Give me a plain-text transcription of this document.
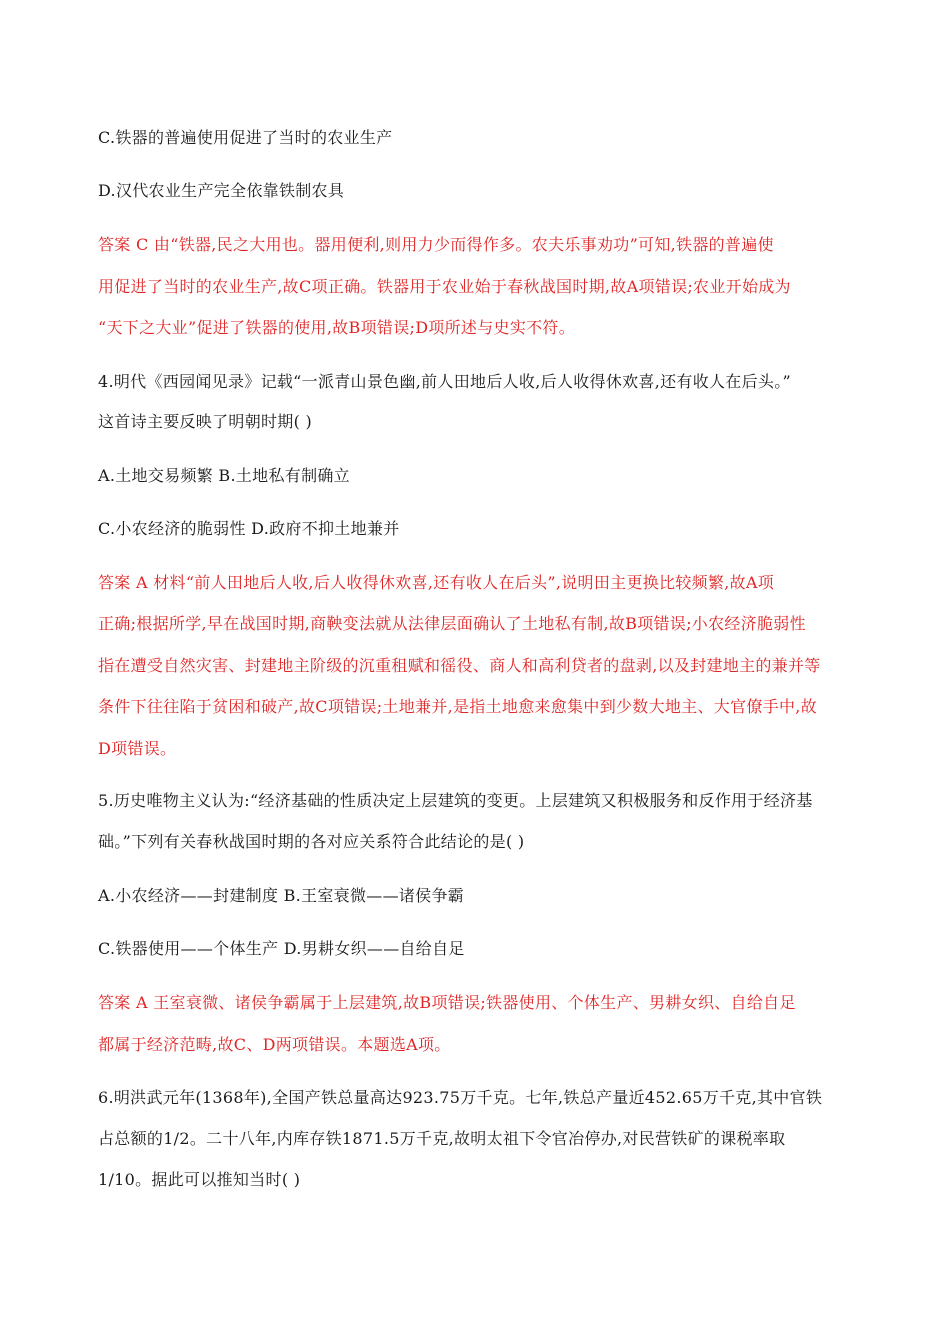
C.铁器的普遍使用促进了当时的农业生产
D.汉代农业生产完全依靠铁制农具
答案 C 由“铁器,民之大用也。器用便利,则用力少而得作多。农夫乐事劝功”可知,铁器的普遍使
用促进了当时的农业生产,故C项正确。铁器用于农业始于春秋战国时期,故A项错误;农业开始成为
“天下之大业”促进了铁器的使用,故B项错误;D项所述与史实不符。
4.明代《西园闻见录》记载“一派青山景色幽,前人田地后人收,后人收得休欢喜,还有收人在后头。”
这首诗主要反映了明朝时期( )
A.土地交易频繁 B.土地私有制确立
C.小农经济的脆弱性 D.政府不抑土地兼并
答案 A 材料“前人田地后人收,后人收得休欢喜,还有收人在后头”,说明田主更换比较频繁,故A项
正确;根据所学,早在战国时期,商鞅变法就从法律层面确认了土地私有制,故B项错误;小农经济脆弱性
指在遭受自然灾害、封建地主阶级的沉重租赋和徭役、商人和高利贷者的盘剥,以及封建地主的兼并等
条件下往往陷于贫困和破产,故C项错误;土地兼并,是指土地愈来愈集中到少数大地主、大官僚手中,故
D项错误。
5.历史唯物主义认为:“经济基础的性质决定上层建筑的变更。上层建筑又积极服务和反作用于经济基
础。”下列有关春秋战国时期的各对应关系符合此结论的是( )
A.小农经济——封建制度 B.王室衰微——诸侯争霸
C.铁器使用——个体生产 D.男耕女织——自给自足
答案 A 王室衰微、诸侯争霸属于上层建筑,故B项错误;铁器使用、个体生产、男耕女织、自给自足
都属于经济范畴,故C、D两项错误。本题选A项。
6.明洪武元年(1368年),全国产铁总量高达923.75万千克。七年,铁总产量近452.65万千克,其中官铁
占总额的1/2。二十八年,内库存铁1871.5万千克,故明太祖下令官冶停办,对民营铁矿的课税率取
1/10。据此可以推知当时( )
